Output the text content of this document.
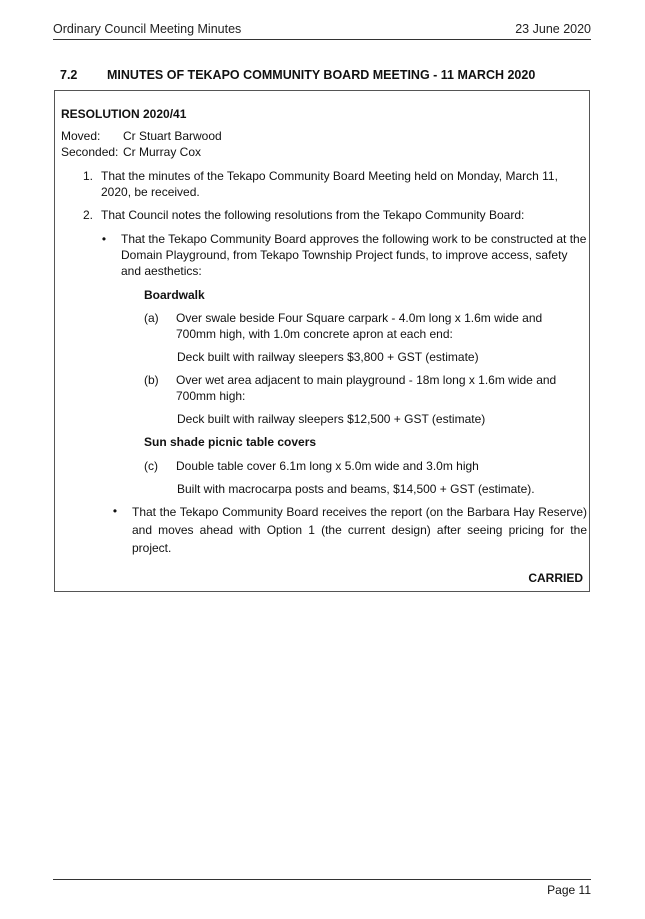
Ordinary Council Meeting Minutes	23 June 2020
7.2	MINUTES OF TEKAPO COMMUNITY BOARD MEETING - 11 MARCH 2020
RESOLUTION 2020/41
Moved:	Cr Stuart Barwood
Seconded: Cr Murray Cox
1. That the minutes of the Tekapo Community Board Meeting held on Monday, March 11, 2020, be received.
2. That Council notes the following resolutions from the Tekapo Community Board:
• That the Tekapo Community Board approves the following work to be constructed at the Domain Playground, from Tekapo Township Project funds, to improve access, safety and aesthetics:
Boardwalk
(a) Over swale beside Four Square carpark - 4.0m long x 1.6m wide and 700mm high, with 1.0m concrete apron at each end:
Deck built with railway sleepers $3,800 + GST (estimate)
(b) Over wet area adjacent to main playground - 18m long x 1.6m wide and 700mm high:
Deck built with railway sleepers $12,500 + GST (estimate)
Sun shade picnic table covers
(c) Double table cover 6.1m long x 5.0m wide and 3.0m high
Built with macrocarpa posts and beams, $14,500 + GST (estimate).
• That the Tekapo Community Board receives the report (on the Barbara Hay Reserve) and moves ahead with Option 1 (the current design) after seeing pricing for the project.
CARRIED
Page 11
